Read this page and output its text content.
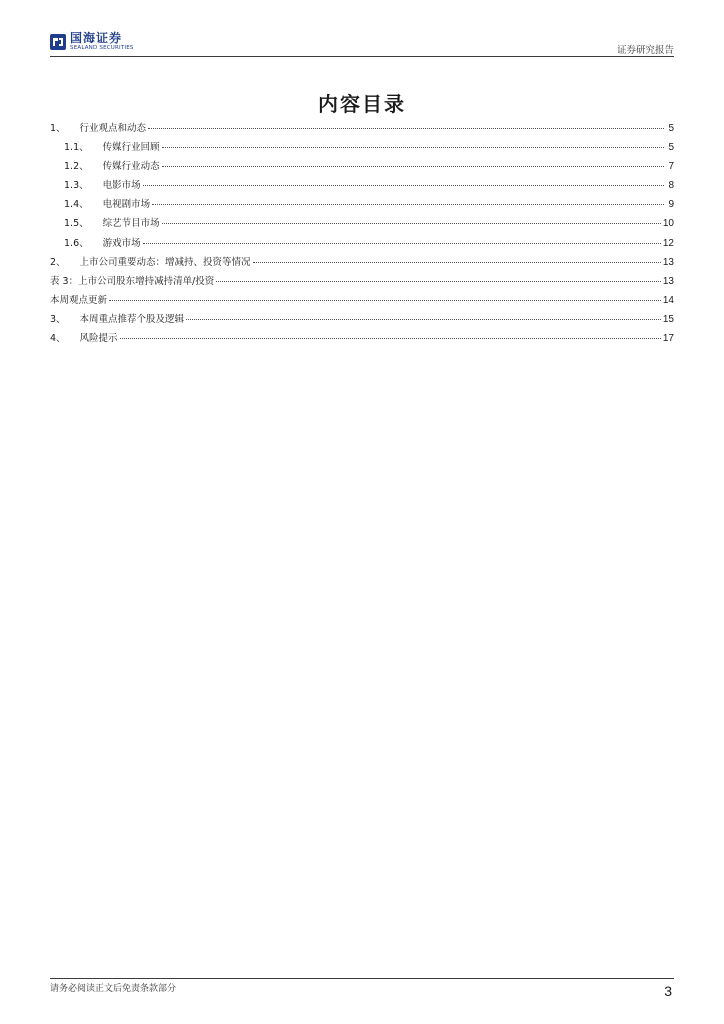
国海证券
SEALAND SECURITIES	证券研究报告
内容目录
1、 行业观点和动态	5
1.1、 传媒行业回顾	5
1.2、 传媒行业动态	7
1.3、 电影市场	8
1.4、 电视剧市场	9
1.5、 综艺节目市场	10
1.6、 游戏市场	12
2、 上市公司重要动态：增减持、投资等情况	13
表 3：上市公司股东增持减持清单/投资	13
本周观点更新	14
3、 本周重点推荐个股及逻辑	15
4、 风险提示	17
请务必阅读正文后免责条款部分	3
